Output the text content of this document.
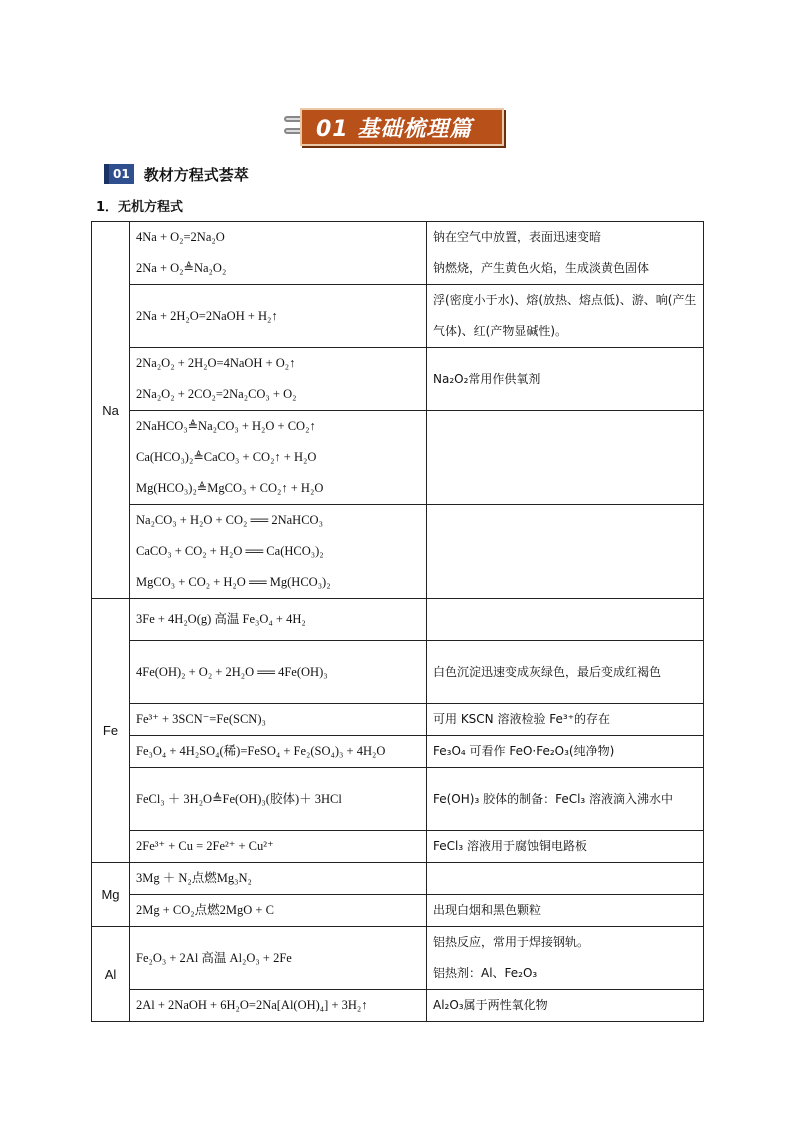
01 基础梳理篇
01 教材方程式荟萃
1．无机方程式
Na	4Na + O₂=2Na₂O
2Na + O₂≜Na₂O₂	钠在空气中放置，表面迅速变暗
钠燃烧，产生黄色火焰，生成淡黄色固体

	2Na + 2H₂O=2NaOH + H₂↑	浮(密度小于水)、熔(放热、熔点低)、游、响(产生气体)、红(产物显碱性)。

	2Na₂O₂ + 2H₂O=4NaOH + O₂↑
2Na₂O₂ + 2CO₂=2Na₂CO₃ + O₂	Na₂O₂常用作供氧剂

	2NaHCO₃≜Na₂CO₃ + H₂O + CO₂↑
Ca(HCO₃)₂≜CaCO₃ + CO₂↑ + H₂O
Mg(HCO₃)₂≜MgCO₃ + CO₂↑ + H₂O	

	Na₂CO₃ + H₂O + CO₂ ══ 2NaHCO₃
CaCO₃ + CO₂ + H₂O ══ Ca(HCO₃)₂
MgCO₃ + CO₂ + H₂O ══ Mg(HCO₃)₂	

Fe	3Fe + 4H₂O(g) 高温 Fe₃O₄ + 4H₂	

	4Fe(OH)₂ + O₂ + 2H₂O ══ 4Fe(OH)₃	白色沉淀迅速变成灰绿色，最后变成红褐色

	Fe³⁺ + 3SCN⁻=Fe(SCN)₃	可用 KSCN 溶液检验 Fe³⁺的存在

	Fe₃O₄ + 4H₂SO₄(稀)=FeSO₄ + Fe₂(SO₄)₃ + 4H₂O	Fe₃O₄ 可看作 FeO·Fe₂O₃(纯净物)

	FeCl₃ ＋ 3H₂O≜Fe(OH)₃(胶体)＋ 3HCl	Fe(OH)₃ 胶体的制备：FeCl₃ 溶液滴入沸水中

	2Fe³⁺ + Cu = 2Fe²⁺ + Cu²⁺	FeCl₃ 溶液用于腐蚀铜电路板

Mg	3Mg ＋ N₂点燃Mg₃N₂	

	2Mg + CO₂点燃2MgO + C	出现白烟和黑色颗粒

Al	Fe₂O₃ + 2Al 高温 Al₂O₃ + 2Fe	铝热反应，常用于焊接钢轨。
铝热剂：Al、Fe₂O₃

	2Al + 2NaOH + 6H₂O=2Na[Al(OH)₄] + 3H₂↑	Al₂O₃属于两性氧化物
